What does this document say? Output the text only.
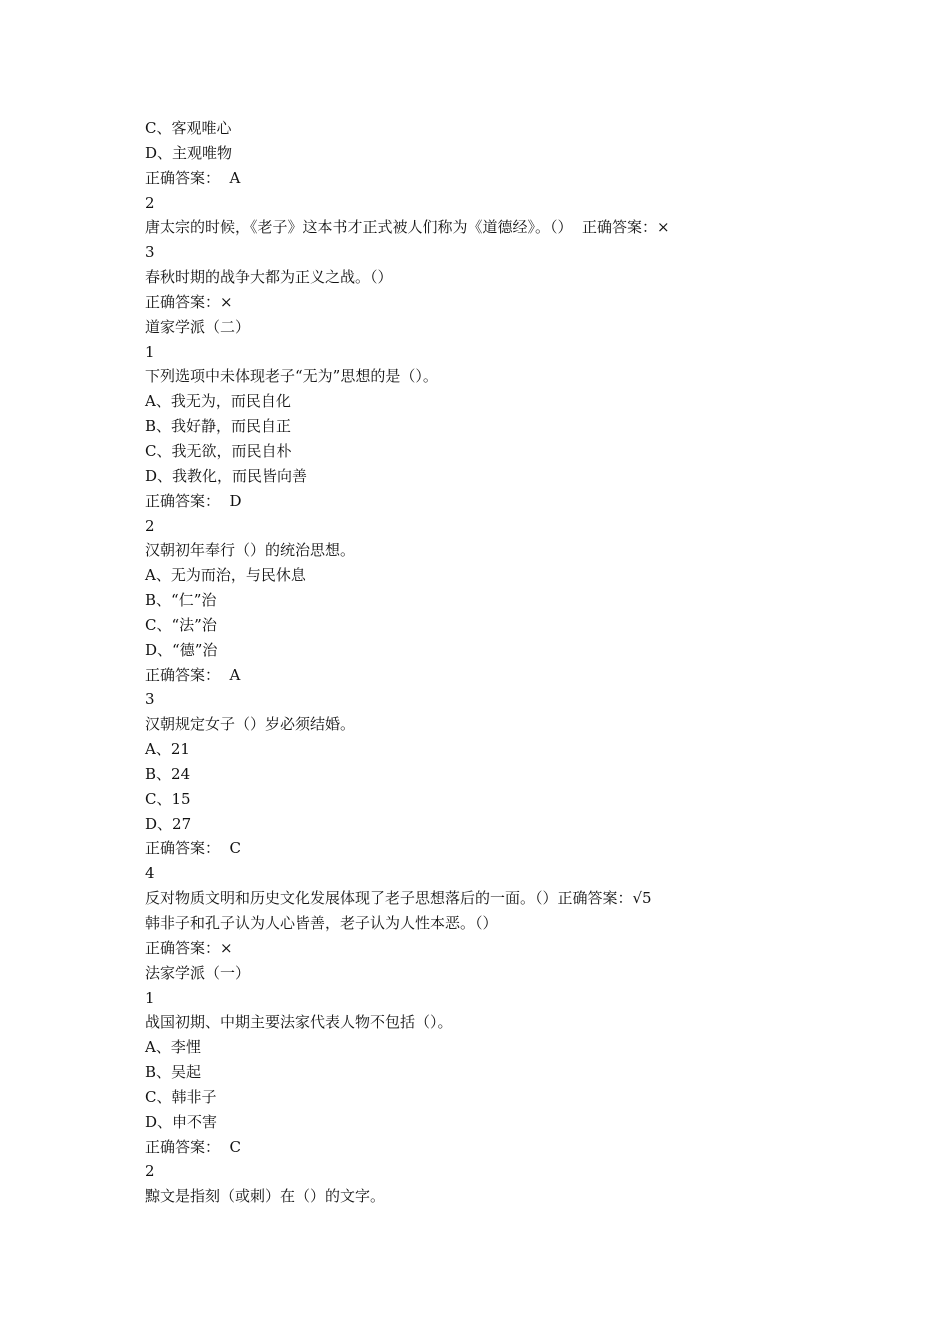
C、客观唯心
D、主观唯物
正确答案：  A
2
唐太宗的时候，《老子》这本书才正式被人们称为《道德经》。（）  正确答案：×
3
春秋时期的战争大都为正义之战。（）
正确答案：×
道家学派（二）
1
下列选项中未体现老子“无为”思想的是（）。
A、我无为，而民自化
B、我好静，而民自正
C、我无欲，而民自朴
D、我教化，而民皆向善
正确答案：  D
2
汉朝初年奉行（）的统治思想。
A、无为而治，与民休息
B、“仁”治
C、“法”治
D、“德”治
正确答案：  A
3
汉朝规定女子（）岁必须结婚。
A、21
B、24
C、15
D、27
正确答案：  C
4
反对物质文明和历史文化发展体现了老子思想落后的一面。（）正确答案：√5
韩非子和孔子认为人心皆善，老子认为人性本恶。（）
正确答案：×
法家学派（一）
1
战国初期、中期主要法家代表人物不包括（）。
A、李悝
B、吴起
C、韩非子
D、申不害
正确答案：  C
2
黥文是指刻（或刺）在（）的文字。
